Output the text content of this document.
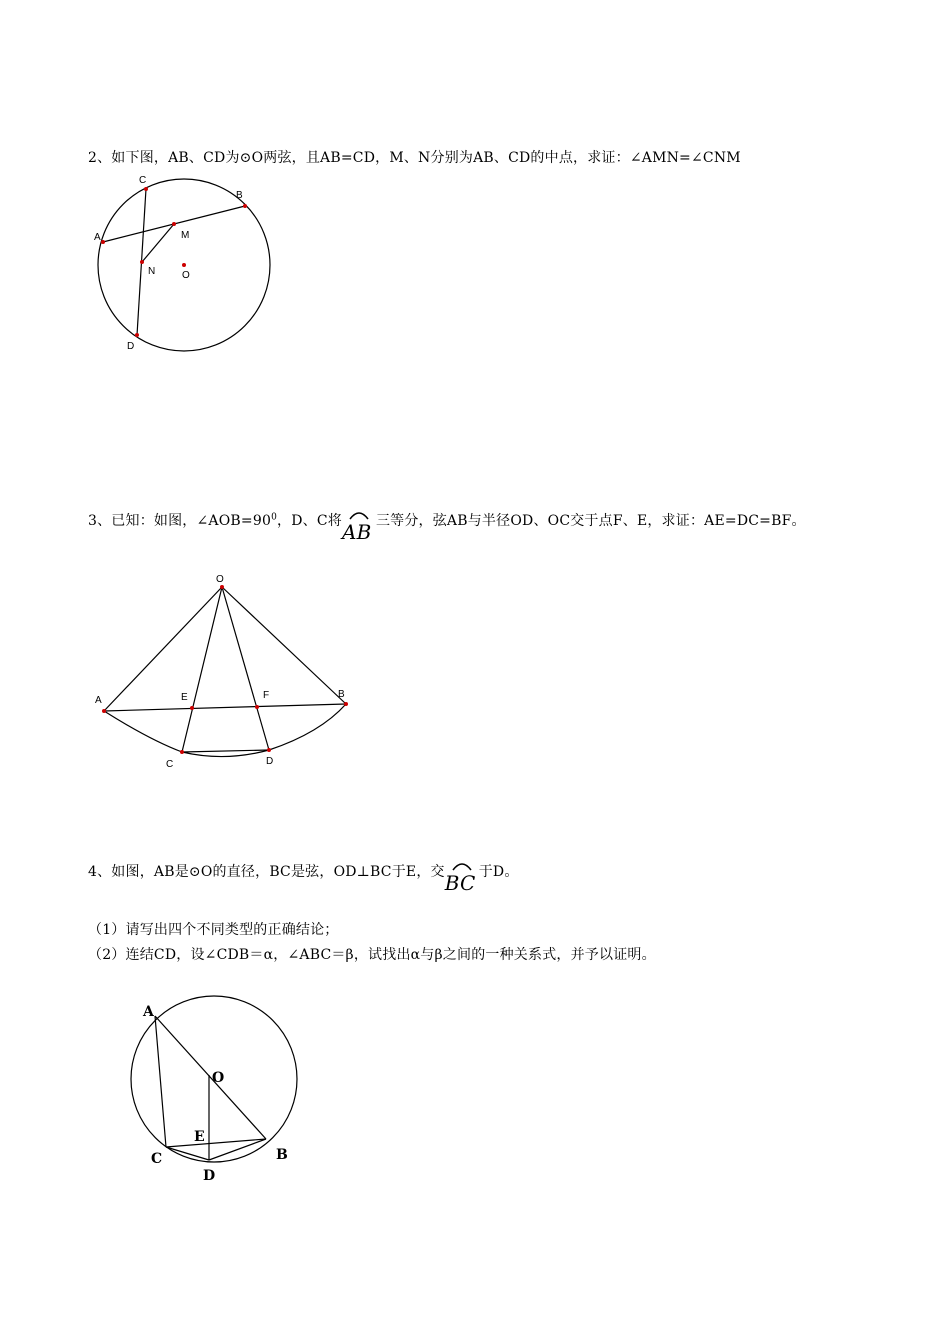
2、如下图，AB、CD为⊙O两弦，且AB=CD，M、N分别为AB、CD的中点，求证：∠AMN=∠CNM
A
B
C
D
M
N	O
3、已知：如图，$\angle AOB=90^0$，D、C将 AB 三等分，弦AB与半径OD、OC交于点F、E，求证：AE=DC=BF。
O
A
B
C	D
E	F
4、如图，AB是⊙O的直径，BC是弦，OD⊥BC于E，交 BC 于D。
（1）请写出四个不同类型的正确结论；
（2）连结CD，设∠CDB＝α，∠ABC＝β，试找出α与β之间的一种关系式，并予以证明。
A
B
C
D
E
O
